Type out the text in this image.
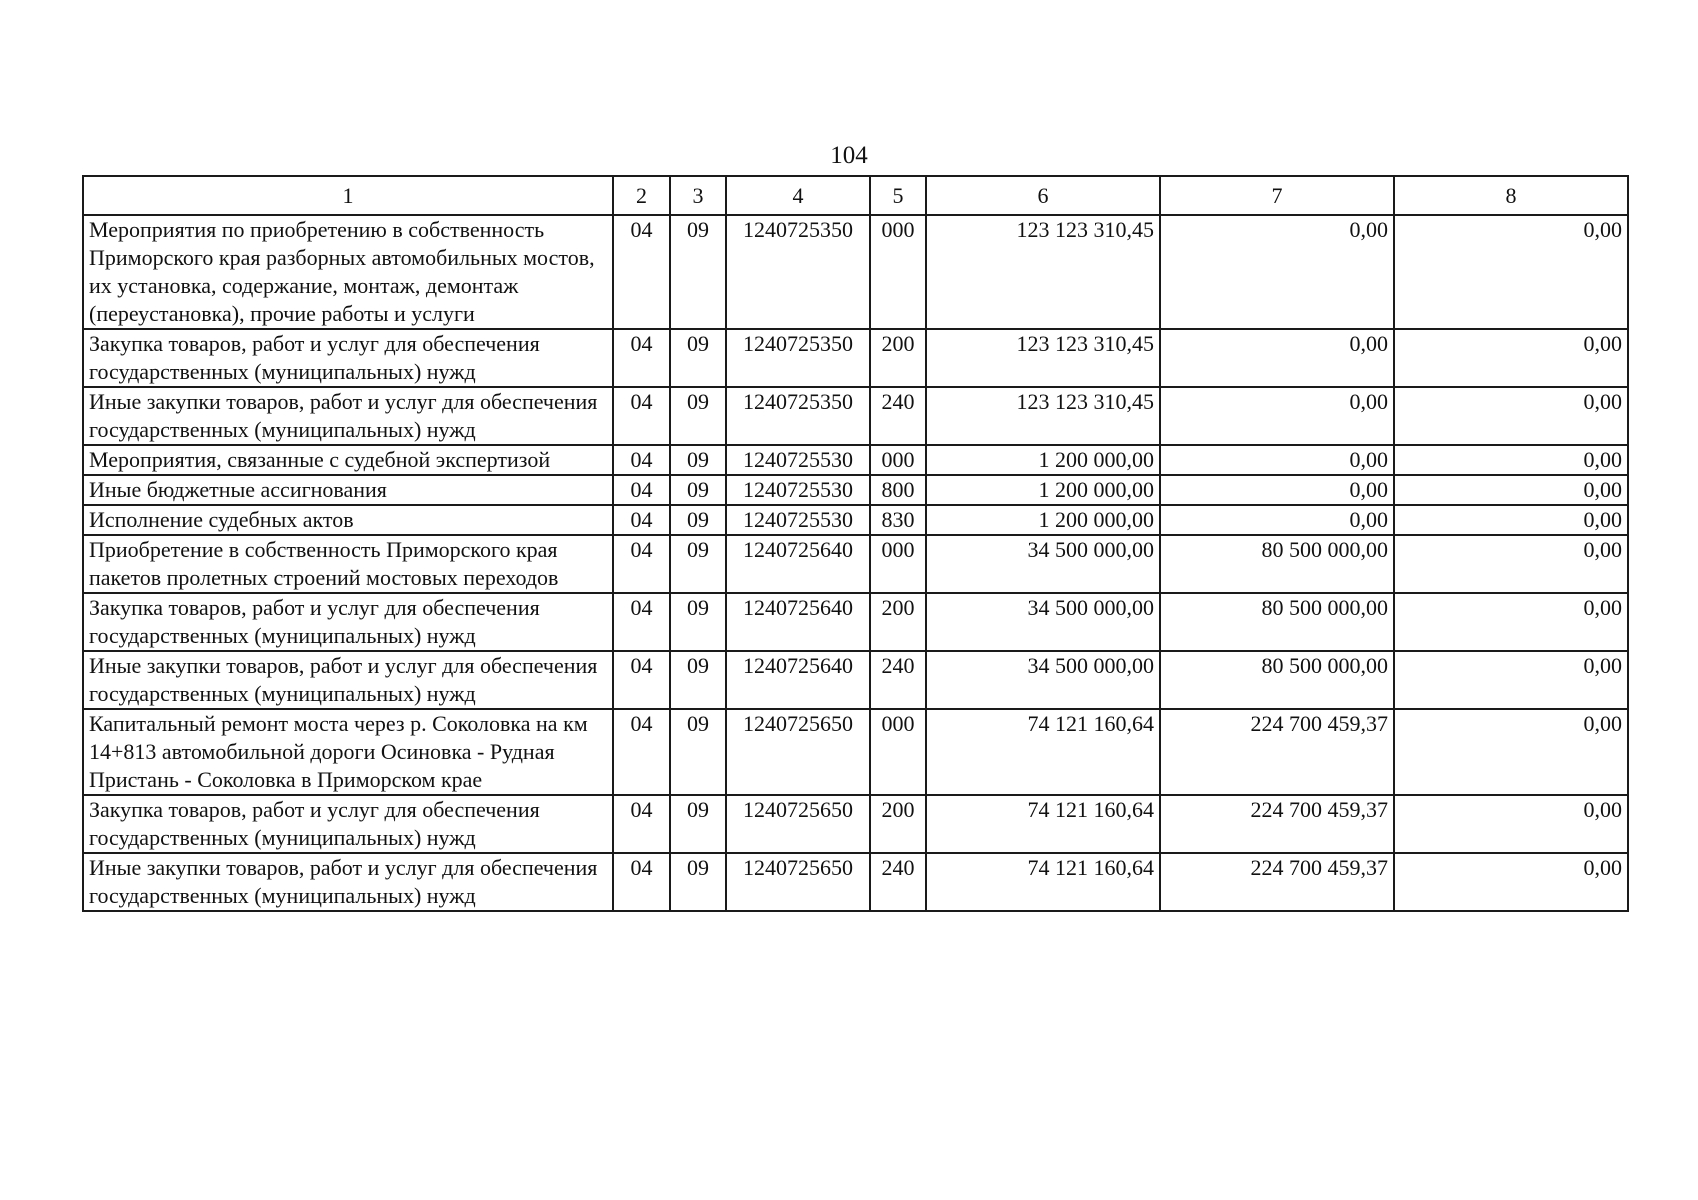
104
1	2	3	4	5	6	7	8
Мероприятия по приобретению в собственность Приморского края разборных автомобильных мостов, их установка, содержание, монтаж, демонтаж (переустановка), прочие работы и услуги	04	09	1240725350	000	123 123 310,45	0,00	0,00
Закупка товаров, работ и услуг для обеспечения государственных (муниципальных) нужд	04	09	1240725350	200	123 123 310,45	0,00	0,00
Иные закупки товаров, работ и услуг для обеспечения государственных (муниципальных) нужд	04	09	1240725350	240	123 123 310,45	0,00	0,00
Мероприятия, связанные с судебной экспертизой	04	09	1240725530	000	1 200 000,00	0,00	0,00
Иные бюджетные ассигнования	04	09	1240725530	800	1 200 000,00	0,00	0,00
Исполнение судебных актов	04	09	1240725530	830	1 200 000,00	0,00	0,00
Приобретение в собственность Приморского края пакетов пролетных строений мостовых переходов	04	09	1240725640	000	34 500 000,00	80 500 000,00	0,00
Закупка товаров, работ и услуг для обеспечения государственных (муниципальных) нужд	04	09	1240725640	200	34 500 000,00	80 500 000,00	0,00
Иные закупки товаров, работ и услуг для обеспечения государственных (муниципальных) нужд	04	09	1240725640	240	34 500 000,00	80 500 000,00	0,00
Капитальный ремонт моста через р. Соколовка на км 14+813 автомобильной дороги Осиновка - Рудная Пристань - Соколовка в Приморском крае	04	09	1240725650	000	74 121 160,64	224 700 459,37	0,00
Закупка товаров, работ и услуг для обеспечения государственных (муниципальных) нужд	04	09	1240725650	200	74 121 160,64	224 700 459,37	0,00
Иные закупки товаров, работ и услуг для обеспечения государственных (муниципальных) нужд	04	09	1240725650	240	74 121 160,64	224 700 459,37	0,00
